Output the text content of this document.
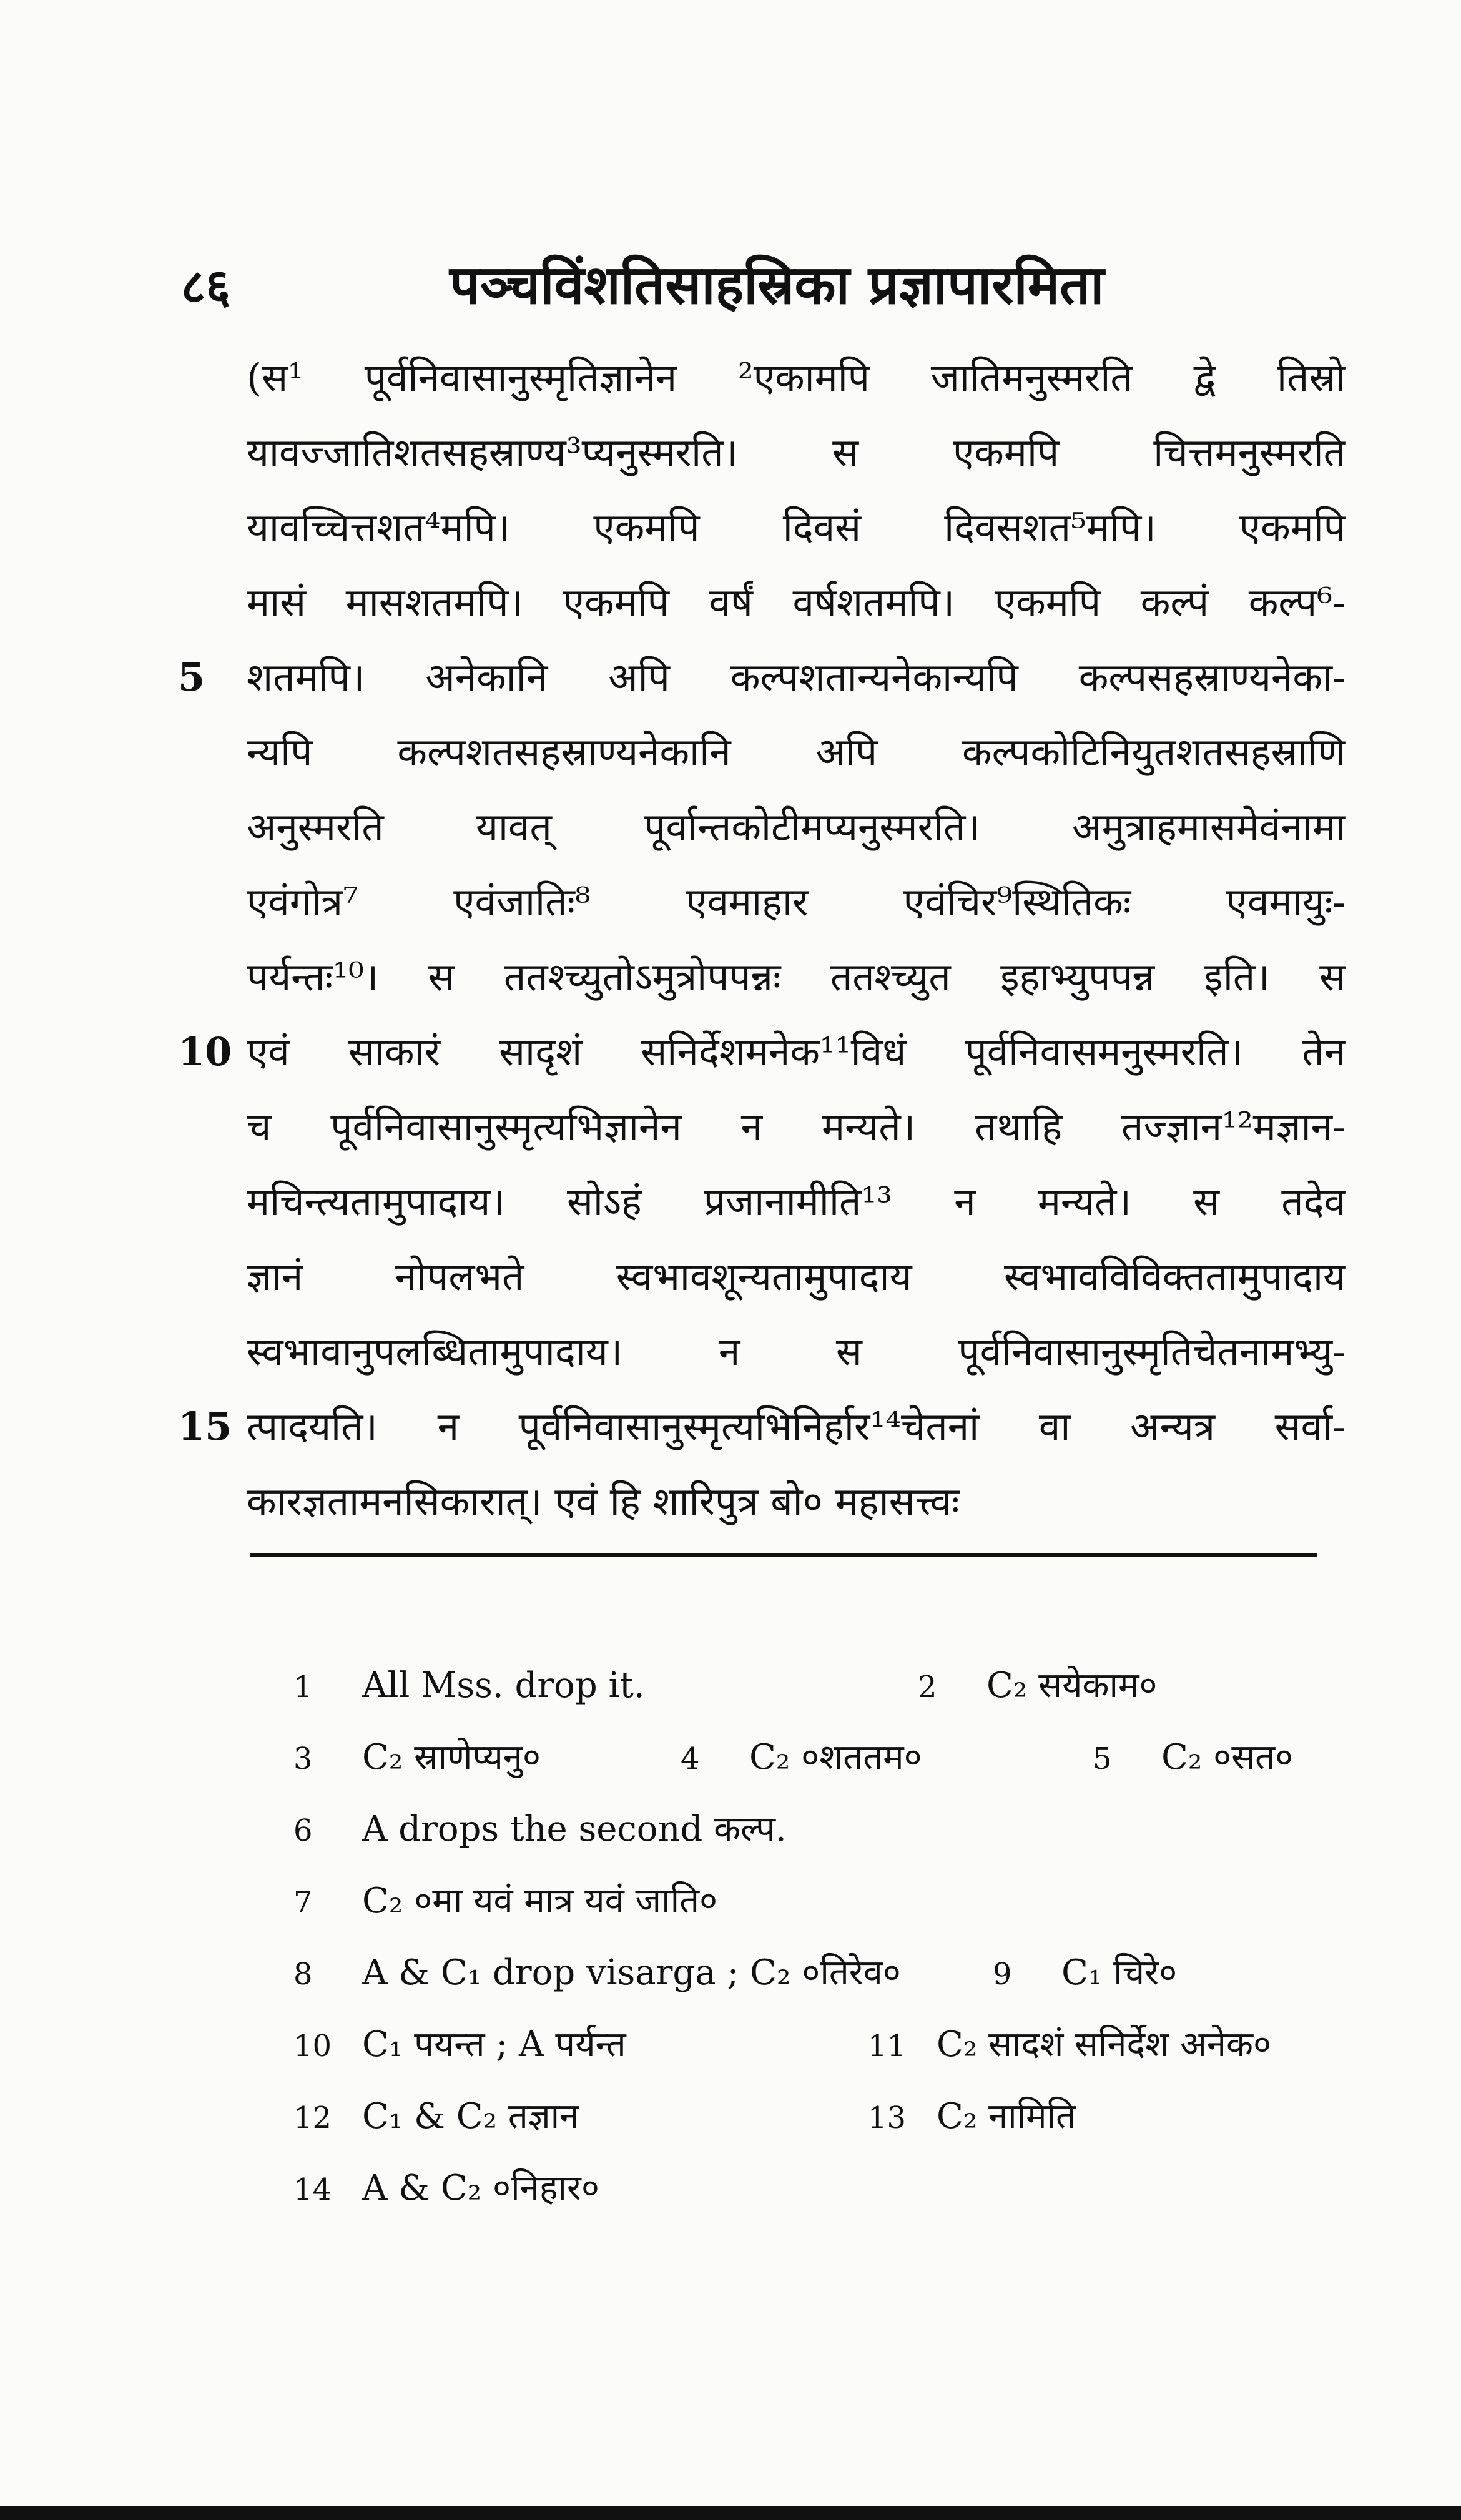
८६	पञ्चविंशतिसाहस्रिका प्रज्ञापारमिता
(स¹ पूर्वनिवासानुस्मृतिज्ञानेन ²एकामपि जातिमनुस्मरति द्वे तिस्रो
यावज्जातिशतसहस्राण्य³प्यनुस्मरति। स एकमपि चित्तमनुस्मरति
यावच्चित्तशत⁴मपि। एकमपि दिवसं दिवसशत⁵मपि। एकमपि
मासं मासशतमपि। एकमपि वर्षं वर्षशतमपि। एकमपि कल्पं कल्प⁶-
5	शतमपि। अनेकानि अपि कल्पशतान्यनेकान्यपि कल्पसहस्राण्यनेका-
न्यपि कल्पशतसहस्राण्यनेकानि अपि कल्पकोटिनियुतशतसहस्राणि
अनुस्मरति यावत् पूर्वान्तकोटीमप्यनुस्मरति। अमुत्राहमासमेवंनामा
एवंगोत्र⁷ एवंजातिः⁸ एवमाहार एवंचिर⁹स्थितिकः एवमायुः-
पर्यन्तः¹⁰। स ततश्च्युतोऽमुत्रोपपन्नः ततश्च्युत इहाभ्युपपन्न इति। स
10 एवं साकारं सादृशं सनिर्देशमनेक¹¹विधं पूर्वनिवासमनुस्मरति। तेन
च पूर्वनिवासानुस्मृत्यभिज्ञानेन न मन्यते। तथाहि तज्ज्ञान¹²मज्ञान-
मचिन्त्यतामुपादाय। सोऽहं प्रजानामीति¹³ न मन्यते। स तदेव
ज्ञानं नोपलभते स्वभावशून्यतामुपादाय स्वभावविविक्ततामुपादाय
स्वभावानुपलब्धितामुपादाय। न स पूर्वनिवासानुस्मृतिचेतनामभ्यु-
15 त्पादयति। न पूर्वनिवासानुस्मृत्यभिनिर्हार¹⁴चेतनां वा अन्यत्र सर्वा-
कारज्ञतामनसिकारात्। एवं हि शारिपुत्र बो० महासत्त्वः
1 All Mss. drop it.	2 C₂ सयेकाम०
3 C₂ स्राणेप्यनु०	4 C₂ ०शततम०	5 C₂ ०सत०
6 A drops the second कल्प.
7 C₂ ०मा यवं मात्र यवं जाति०
8 A & C₁ drop visarga ; C₂ ०तिरेव०	9 C₁ चिरे०
10 C₁ पयन्त ; A पर्यन्त	11 C₂ सादशं सनिर्देश अनेक०
12 C₁ & C₂ तज्ञान	13 C₂ नामिति
14 A & C₂ ०निहार०
